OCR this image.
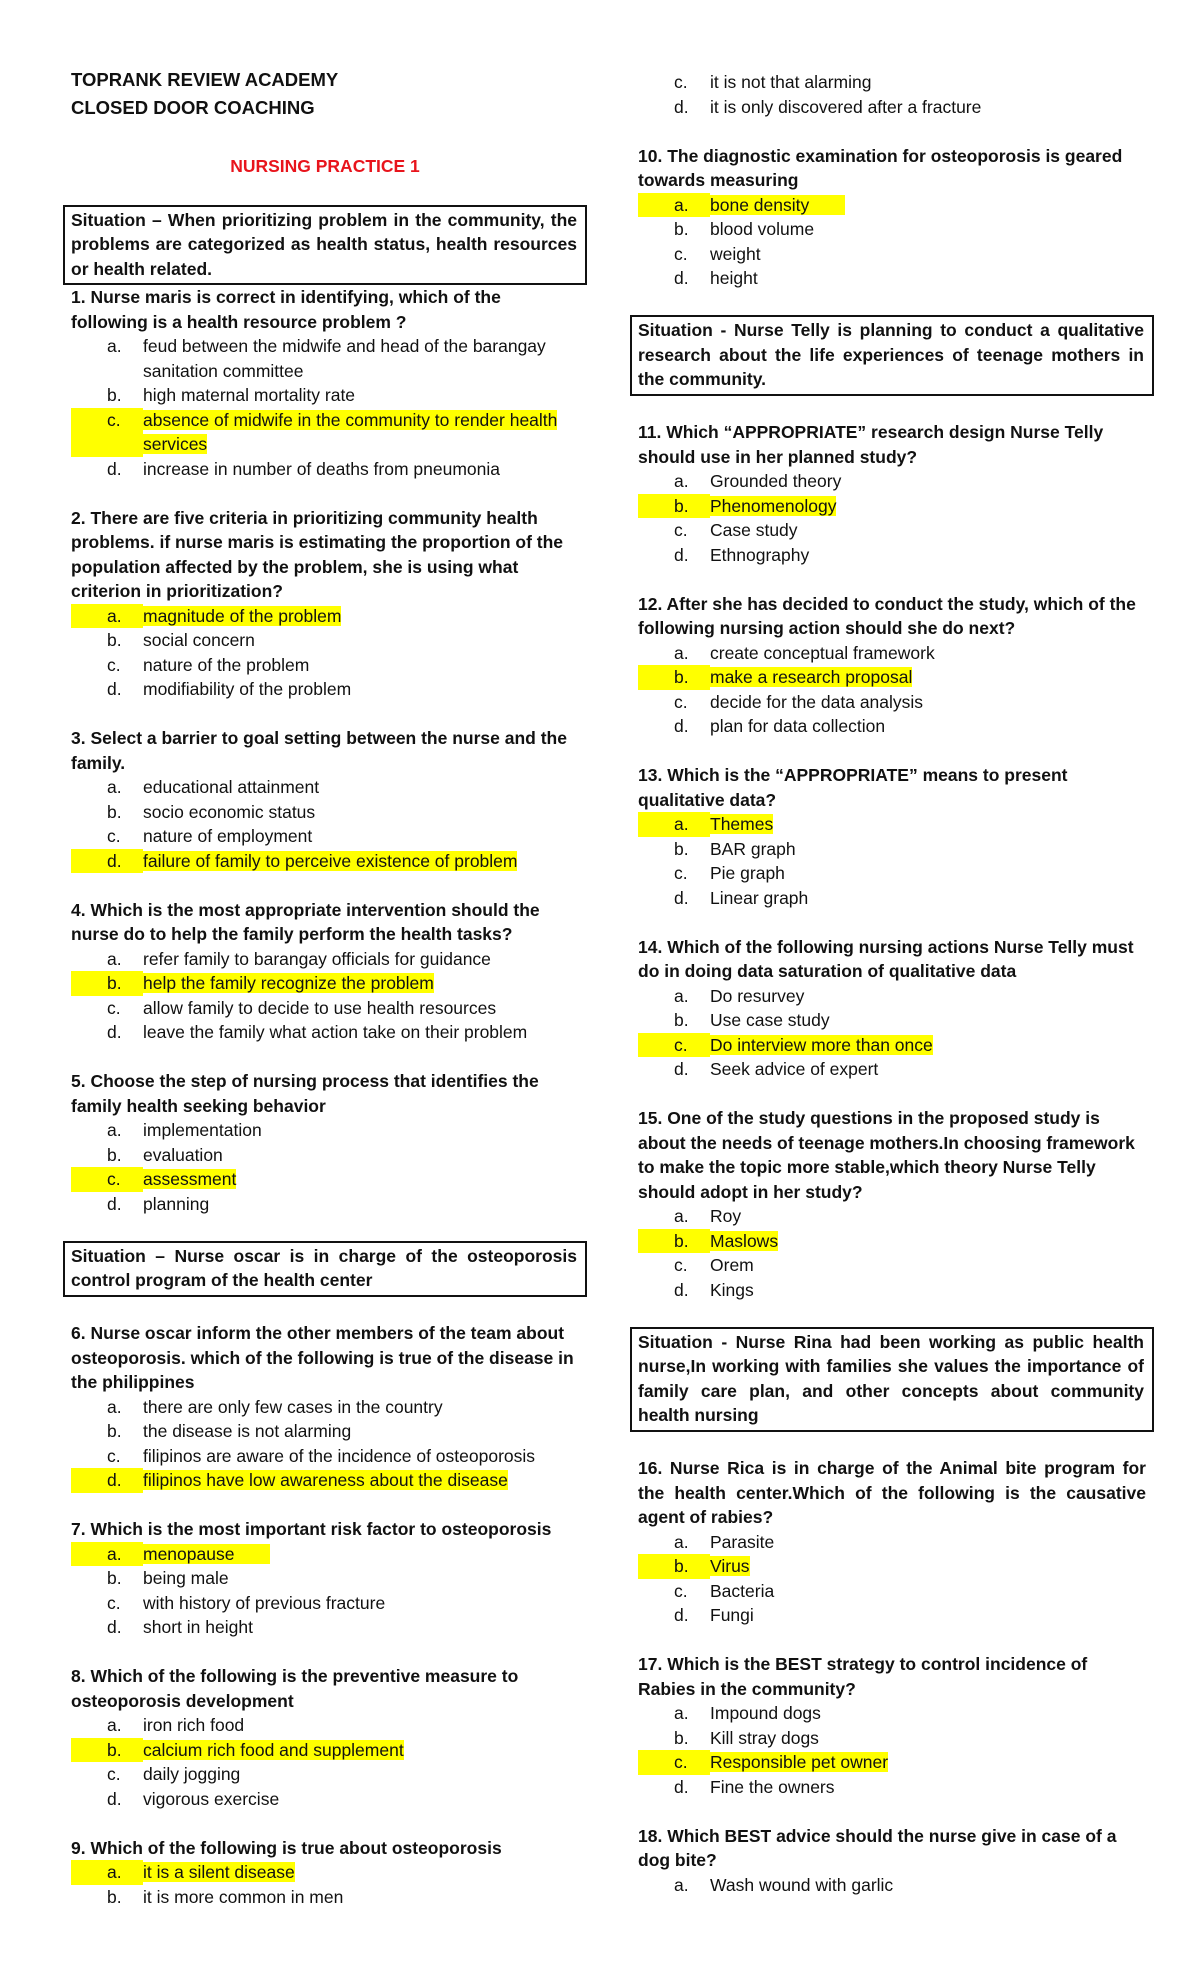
TOPRANK REVIEW ACADEMY
CLOSED DOOR COACHING
NURSING PRACTICE 1
Situation – When prioritizing problem in the community, the problems are categorized as health status, health resources or health related.
1. Nurse maris is correct in identifying, which of the following is a health resource problem ?
a.	feud between the midwife and head of the barangay sanitation committee
b.	high maternal mortality rate
c.	absence of midwife in the community to render health services
d.	increase in number of deaths from pneumonia
2. There are five criteria in prioritizing community health problems. if nurse maris is estimating the proportion of the population affected by the problem, she is using what criterion in prioritization?
a.	magnitude of the problem
b.	social concern
c.	nature of the problem
d.	modifiability of the problem
3. Select a barrier to goal setting between the nurse and the family.
a.	educational attainment
b.	socio economic status
c.	nature of employment
d.	failure of family to perceive existence of problem
4. Which is the most appropriate intervention should the nurse do to help the family perform the health tasks?
a.	refer family to barangay officials for guidance
b.	help the family recognize the problem
c.	allow family to decide to use health resources
d.	leave the family what action take on their problem
5. Choose the step of nursing process that identifies the family health seeking behavior
a.	implementation
b.	evaluation
c.	assessment
d.	planning
Situation – Nurse oscar is in charge of the osteoporosis control program of the health center
6. Nurse oscar inform the other members of the team about osteoporosis. which of the following is true of the disease in the philippines
a.	there are only few cases in the country
b.	the disease is not alarming
c.	filipinos are aware of the incidence of osteoporosis
d.	filipinos have low awareness about the disease
7. Which is the most important risk factor to osteoporosis
a.	menopause
b.	being male
c.	with history of previous fracture
d.	short in height
8. Which of the following is the preventive measure to osteoporosis development
a.	iron rich food
b.	calcium rich food and supplement
c.	daily jogging
d.	vigorous exercise
9. Which of the following is true about osteoporosis
a.	it is a silent disease
b.	it is more common in men
c.	it is not that alarming
d.	it is only discovered after a fracture
10. The diagnostic examination for osteoporosis is geared towards measuring
a.	bone density
b.	blood volume
c.	weight
d.	height
Situation - Nurse Telly is planning to conduct a qualitative research about the life experiences of teenage mothers in the community.
11. Which “APPROPRIATE” research design Nurse Telly should use in her planned study?
a.	Grounded theory
b.	Phenomenology
c.	Case study
d.	Ethnography
12. After she has decided to conduct the study, which of the following nursing action should she do next?
a.	create conceptual framework
b.	make a research proposal
c.	decide for the data analysis
d.	plan for data collection
13. Which is the “APPROPRIATE” means to present qualitative data?
a.	Themes
b.	BAR graph
c.	Pie graph
d.	Linear graph
14. Which of the following nursing actions Nurse Telly must do in doing data saturation of qualitative data
a.	Do resurvey
b.	Use case study
c.	Do interview more than once
d.	Seek advice of expert
15. One of the study questions in the proposed study is about the needs of teenage mothers.In choosing framework to make the topic more stable,which theory Nurse Telly should adopt in her study?
a.	Roy
b.	Maslows
c.	Orem
d.	Kings
Situation - Nurse Rina had been working as public health nurse,In working with families she values the importance of family care plan, and other concepts about community health nursing
16. Nurse Rica is in charge of the Animal bite program for the health center.Which of the following is the causative agent of rabies?
a.	Parasite
b.	Virus
c.	Bacteria
d.	Fungi
17. Which is the BEST strategy to control incidence of Rabies in the community?
a.	Impound dogs
b.	Kill stray dogs
c.	Responsible pet owner
d.	Fine the owners
18. Which BEST advice should the nurse give in case of a dog bite?
a.	Wash wound with garlic
